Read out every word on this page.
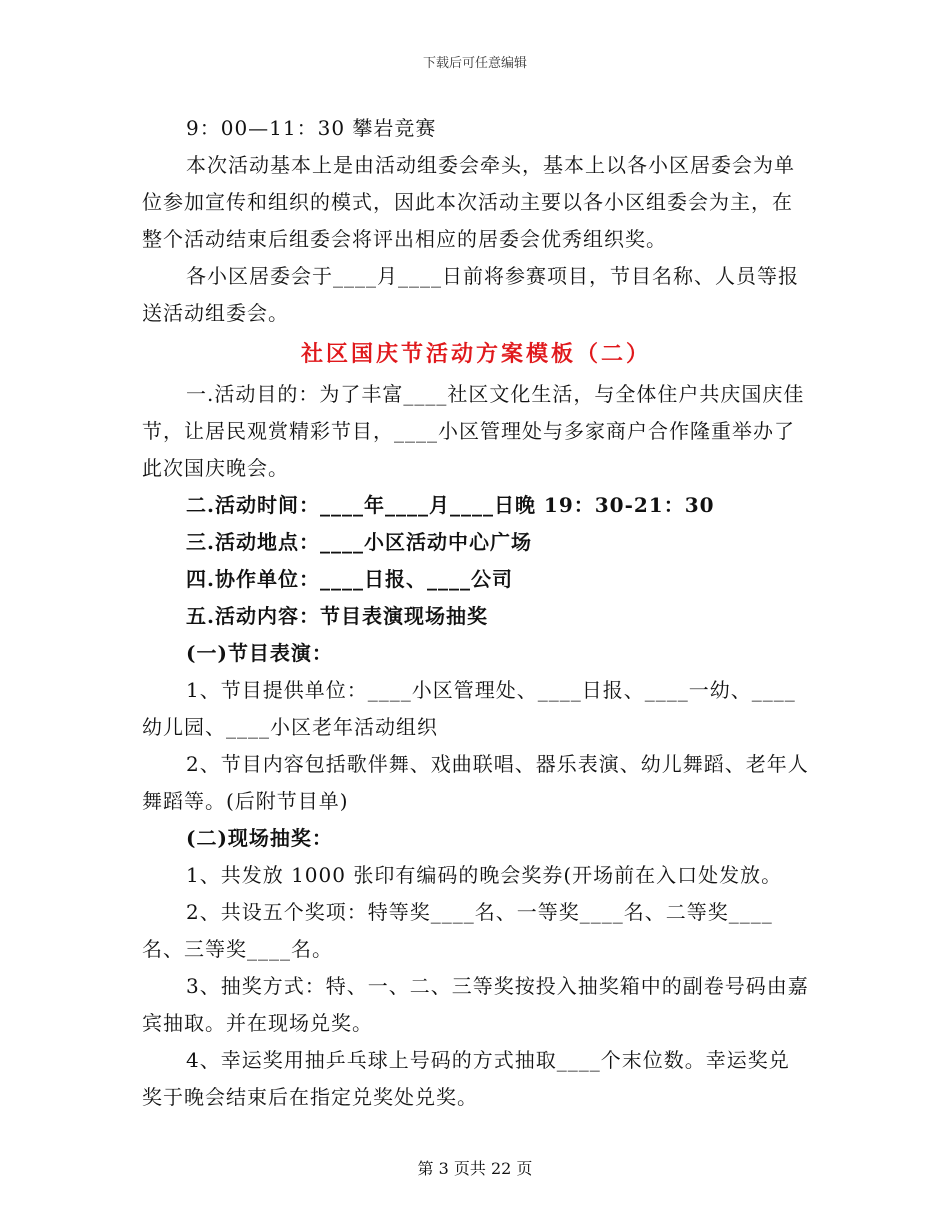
下载后可任意编辑

9：00—11：30 攀岩竞赛

本次活动基本上是由活动组委会牵头，基本上以各小区居委会为单位参加宣传和组织的模式，因此本次活动主要以各小区组委会为主，在整个活动结束后组委会将评出相应的居委会优秀组织奖。

各小区居委会于____月____日前将参赛项目，节目名称、人员等报送活动组委会。

社区国庆节活动方案模板（二）

一.活动目的：为了丰富____社区文化生活，与全体住户共庆国庆佳节，让居民观赏精彩节目，____小区管理处与多家商户合作隆重举办了此次国庆晚会。

二.活动时间：____年____月____日晚 19：30-21：30

三.活动地点：____小区活动中心广场

四.协作单位：____日报、____公司

五.活动内容：节目表演现场抽奖

(一)节目表演：

1、节目提供单位：____小区管理处、____日报、____一幼、____幼儿园、____小区老年活动组织

2、节目内容包括歌伴舞、戏曲联唱、器乐表演、幼儿舞蹈、老年人舞蹈等。(后附节目单)

(二)现场抽奖：

1、共发放 1000 张印有编码的晚会奖券(开场前在入口处发放。

2、共设五个奖项：特等奖____名、一等奖____名、二等奖____名、三等奖____名。

3、抽奖方式：特、一、二、三等奖按投入抽奖箱中的副卷号码由嘉宾抽取。并在现场兑奖。

4、幸运奖用抽乒乓球上号码的方式抽取____个末位数。幸运奖兑奖于晚会结束后在指定兑奖处兑奖。

第 3 页共 22 页
